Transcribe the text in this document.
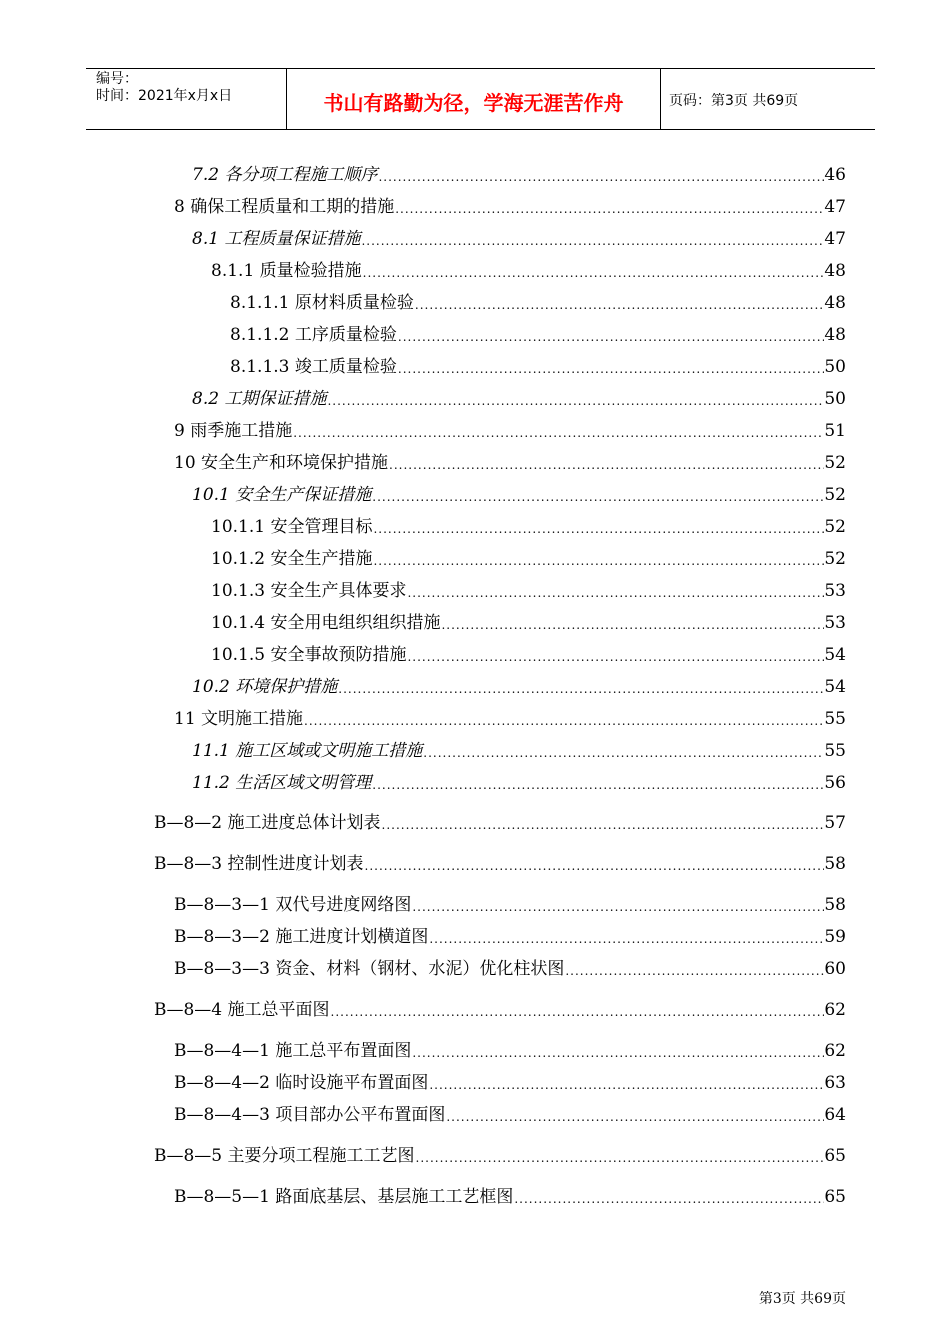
编号：
时间：2021年x月x日	书山有路勤为径，学海无涯苦作舟	页码：第3页 共69页
7.2 各分项工程施工顺序 .....	46
8 确保工程质量和工期的措施 .....	47
8.1 工程质量保证措施 .....	47
8.1.1 质量检验措施 .....	48
8.1.1.1 原材料质量检验 .....	48
8.1.1.2 工序质量检验 .....	48
8.1.1.3 竣工质量检验 .....	50
8.2 工期保证措施 .....	50
9 雨季施工措施 .....	51
10 安全生产和环境保护措施 .....	52
10.1 安全生产保证措施 .....	52
10.1.1 安全管理目标 .....	52
10.1.2 安全生产措施 .....	52
10.1.3 安全生产具体要求 .....	53
10.1.4 安全用电组织组织措施 .....	53
10.1.5 安全事故预防措施 .....	54
10.2 环境保护措施 .....	54
11 文明施工措施 .....	55
11.1 施工区域或文明施工措施 .....	55
11.2 生活区域文明管理 .....	56
B—8—2 施工进度总体计划表 .....	57
B—8—3 控制性进度计划表 .....	58
B—8—3—1 双代号进度网络图 .....	58
B—8—3—2 施工进度计划横道图 .....	59
B—8—3—3 资金、材料（钢材、水泥）优化柱状图 .....	60
B—8—4 施工总平面图 .....	62
B—8—4—1 施工总平布置面图 .....	62
B—8—4—2 临时设施平布置面图 .....	63
B—8—4—3 项目部办公平布置面图 .....	64
B—8—5 主要分项工程施工工艺图 .....	65
B—8—5—1 路面底基层、基层施工工艺框图 .....	65
第3页 共69页
